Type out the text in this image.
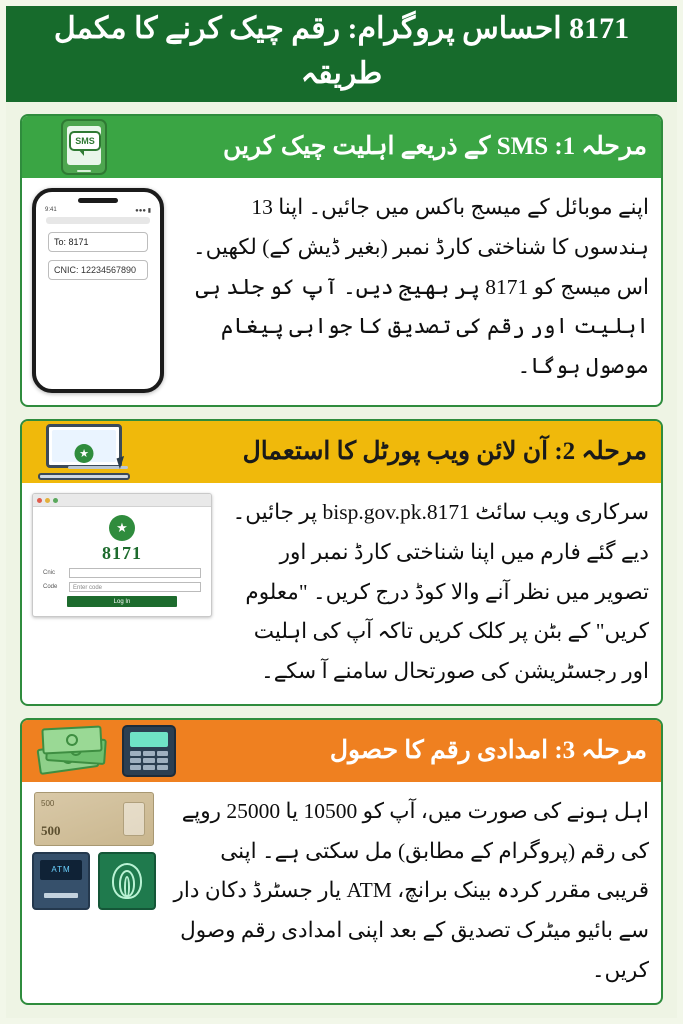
8171 احساس پروگرام: رقم چیک کرنے کا مکمل طریقہ
SMS	مرحلہ 1: SMS کے ذریعے اہلیت چیک کریں
9:41	●●● ▮
To: 8171
CNIC: 12234567890
اپنے موبائل کے میسج باکس میں جائیں۔ اپنا 13 ہندسوں کا شناختی کارڈ نمبر (بغیر ڈیش کے) لکھیں۔ اس میسج کو 8171 پر بھیج دیں۔ آپ کو جلد ہی اہلیت اور رقم کی تصدیق کا جوابی پیغام موصول ہوگا۔
★	مرحلہ 2: آن لائن ویب پورٹل کا استعمال
★
8171
Cnic
Code	Enter code
Log In
سرکاری ویب سائٹ 8171.bisp.gov.pk پر جائیں۔ دیے گئے فارم میں اپنا شناختی کارڈ نمبر اور تصویر میں نظر آنے والا کوڈ درج کریں۔ "معلوم کریں" کے بٹن پر کلک کریں تاکہ آپ کی اہلیت اور رجسٹریشن کی صورتحال سامنے آ سکے۔
مرحلہ 3: امدادی رقم کا حصول
500
500
ATM
اہل ہونے کی صورت میں، آپ کو 10500 یا 25000 روپے کی رقم (پروگرام کے مطابق) مل سکتی ہے۔ اپنی قریبی مقرر کردہ بینک برانچ، ATM یار جسٹرڈ دکان دار سے بائیو میٹرک تصدیق کے بعد اپنی امدادی رقم وصول کریں۔
